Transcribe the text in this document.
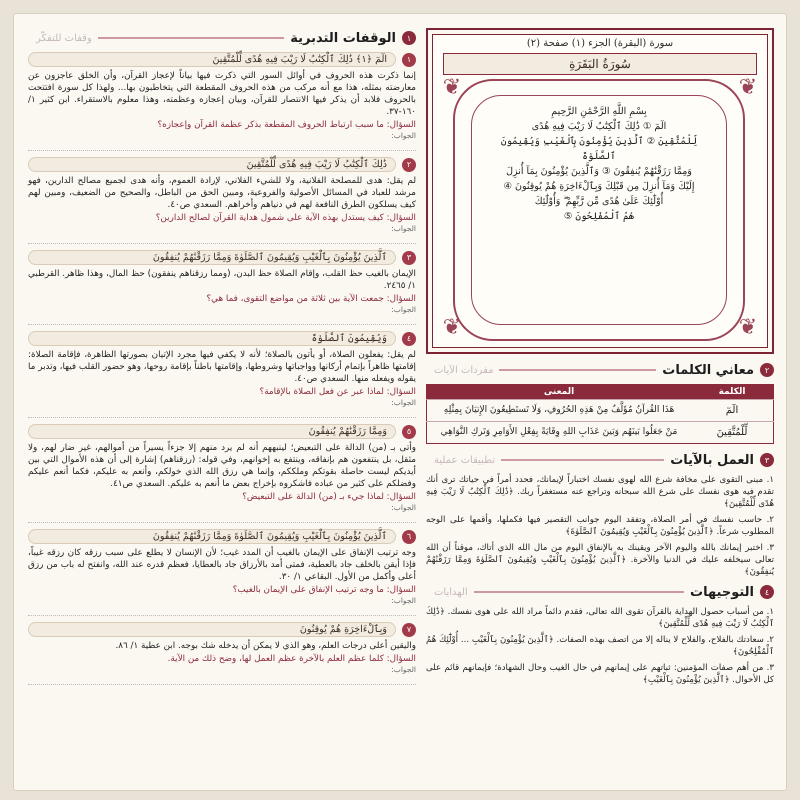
سورة (البقرة) الجزء (١) صفحة (٢)
سُورَةُ البَقَرَةِ
بِسْمِ اللَّهِ الرَّحْمَٰنِ الرَّحِيمِ
الٓمٓ ① ذَٰلِكَ ٱلْكِتَٰبُ لَا رَيْبَ فِيهِ هُدًى
لِّلْمُتَّقِينَ ② ٱلَّذِينَ يُؤْمِنُونَ بِٱلْغَيْبِ وَيُقِيمُونَ ٱلصَّلَوٰةَ
وَمِمَّا رَزَقْنَٰهُمْ يُنفِقُونَ ③ وَٱلَّذِينَ يُؤْمِنُونَ بِمَآ أُنزِلَ
إِلَيْكَ وَمَآ أُنزِلَ مِن قَبْلِكَ وَبِٱلْءَاخِرَةِ هُمْ يُوقِنُونَ ④
أُوْلَٰٓئِكَ عَلَىٰ هُدًى مِّن رَّبِّهِمْ ۖ وَأُوْلَٰٓئِكَ
هُمُ ٱلْمُفْلِحُونَ ⑤
❦	❦
❦	❦
٢
معاني الكلمات
مفردات الآيات
الكلمة	المعنى
الٓمٓ	هَذَا القُرآنُ مُؤَلَّفٌ مِنْ هَذِهِ الحُرُوفِ، وَلَا تَستَطِيعُونَ الإِتيَانَ بِمِثْلِهِ
لِّلْمُتَّقِينَ	مَنْ جَعَلُوا بَينَهُم وَبَينَ عَذَابِ اللهِ وِقَايَةً بِفِعْلِ الأَوَامِرِ وَتَركِ النَّوَاهِي
٣
العمل بالآيات
تطبيقات عملية
١. مبنى التقوى على مخافة شرع الله لهوى نفسك اختباراً لإيمانك، فحدد أمراً في حياتك ترى أنك تقدم فيه هوى نفسك على شرع الله سبحانه وتراجع عنه مستغفراً ربك. ﴿ذَٰلِكَ ٱلْكِتَٰبُ لَا رَيْبَ فِيهِ هُدًى لِّلْمُتَّقِينَ﴾
٢. حاسب نفسك في أمر الصلاة، وتفقد اليوم جوانب التقصير فيها فكملها، وأقمها على الوجه المطلوب شرعاً. ﴿ٱلَّذِينَ يُؤْمِنُونَ بِٱلْغَيْبِ وَيُقِيمُونَ ٱلصَّلَوٰةَ﴾
٣. اختبر إيمانك بالله واليوم الآخر ويقينك به بالإنفاق اليوم من مال الله الذي أتاك، موقناً أن الله تعالى سيخلفه عليك في الدنيا والآخرة. ﴿ٱلَّذِينَ يُؤْمِنُونَ بِٱلْغَيْبِ وَيُقِيمُونَ ٱلصَّلَوٰةَ وَمِمَّا رَزَقْنَٰهُمْ يُنفِقُونَ﴾
٤
التوجيهات
الهدايات
١. من أسباب حصول الهداية بالقرآن تقوى الله تعالى، فقدم دائماً مراد الله على هوى نفسك. ﴿ذَٰلِكَ ٱلْكِتَٰبُ لَا رَيْبَ فِيهِ هُدًى لِّلْمُتَّقِينَ﴾
٢. سعادتك بالفلاح، والفلاح لا يناله إلا من اتصف بهذه الصفات. ﴿ٱلَّذِينَ يُؤْمِنُونَ بِٱلْغَيْبِ ... أُوْلَٰٓئِكَ هُمُ ٱلْمُفْلِحُونَ﴾
٣. من أهم صفات المؤمنين: ثباتهم على إيمانهم في حال الغيب وحال الشهادة؛ فإيمانهم قائم على كل الأحوال. ﴿ٱلَّذِينَ يُؤْمِنُونَ بِٱلْغَيْبِ﴾
١
الوقفات التدبرية
وقفات للتفكّر
١
الٓمٓ ﴿١﴾ ذَٰلِكَ ٱلْكِتَٰبُ لَا رَيْبَ فِيهِ هُدًى لِّلْمُتَّقِينَ
إنما ذكرت هذه الحروف في أوائل السور التي ذكرت فيها بياناً لإعجاز القرآن، وأن الخلق عاجزون عن معارضته بمثله، هذا مع أنه مركب من هذه الحروف المقطعة التي يتخاطبون بها... ولهذا كل سورة افتتحت بالحروف فلابد أن يذكر فيها الانتصار للقرآن، وبيان إعجازه وعظمته، وهذا معلوم بالاستقراء. ابن كثير ١/ ١٦٠-٣٧.
السؤال: ما سبب ارتباط الحروف المقطعة بذكر عظمة القرآن وإعجازه؟
الجواب:
٢
ذَٰلِكَ ٱلْكِتَٰبُ لَا رَيْبَ فِيهِ هُدًى لِّلْمُتَّقِينَ
لم يقل: هدى للمصلحة الفلانية، ولا للشيء الفلاني، لإرادة العموم، وأنه هدى لجميع مصالح الدارين، فهو مرشد للعباد في المسائل الأصولية والفروعية، ومبين الحق من الباطل، والصحيح من الضعيف، ومبين لهم كيف يسلكون الطرق النافعة لهم في دنياهم وأخراهم. السعدي ص٤٠.
السؤال: كيف يستدل بهذه الآية على شمول هداية القرآن لصالح الدارين؟
الجواب:
٣
ٱلَّذِينَ يُؤْمِنُونَ بِٱلْغَيْبِ وَيُقِيمُونَ ٱلصَّلَوٰةَ وَمِمَّا رَزَقْنَٰهُمْ يُنفِقُونَ
الإيمان بالغيب حظ القلب، وإقام الصلاة حظ البدن، (ومما رزقناهم ينفقون) حظ المال، وهذا ظاهر. القرطبي ١/ ٢٤٦٥.
السؤال: جمعت الآية بين ثلاثة من مواضع التقوى، فما هي؟
الجواب:
٤
وَيُقِيمُونَ ٱلصَّلَوٰةَ
لم يقل: يفعلون الصلاة، أو يأتون بالصلاة؛ لأنه لا يكفي فيها مجرد الإتيان بصورتها الظاهرة، فإقامة الصلاة: إقامتها ظاهراً بإتمام أركانها وواجباتها وشروطها، وإقامتها باطناً بإقامة روحها، وهو حضور القلب فيها، وتدبر ما يقوله ويفعله منها. السعدي ص٤٠.
السؤال: لماذا عبر عن فعل الصلاة بالإقامة؟
الجواب:
٥
وَمِمَّا رَزَقْنَٰهُمْ يُنفِقُونَ
وأتى بـ (من) الدالة على التبعيض؛ لينبههم أنه لم يرد منهم إلا جزءاً يسيراً من أموالهم، غير ضار لهم، ولا مثقل، بل ينتفعون هم بإنفاقه، وينتفع به إخوانهم، وفي قوله: (رزقناهم) إشارة إلى أن هذه الأموال التي بين أيديكم ليست حاصلة بقوتكم وملككم، وإنما هي رزق الله الذي خولكم، وأنعم به عليكم، فكما أنعم عليكم وفضلكم على كثير من عباده فاشكروه بإخراج بعض ما أنعم به عليكم. السعدي ص٤١.
السؤال: لماذا جيء بـ (من) الدالة على التبعيض؟
الجواب:
٦
ٱلَّذِينَ يُؤْمِنُونَ بِٱلْغَيْبِ وَيُقِيمُونَ ٱلصَّلَوٰةَ وَمِمَّا رَزَقْنَٰهُمْ يُنفِقُونَ
وجه ترتيب الإنفاق على الإيمان بالغيب أن المدد غيب؛ لأن الإنسان لا يطلع على سبب رزقه كان رزقه غيباً، فإذا أيقن بالخلف جاد بالعطية، فمتى أمد بالأرزاق جاد بالعطايا، فعظم قدره عند الله، وانفتح له باب من رزق أعلى وأكمل من الأول. البقاعي ١/ ٣٠.
السؤال: ما وجه ترتيب الإنفاق على الإيمان بالغيب؟
الجواب:
٧
وَبِٱلْءَاخِرَةِ هُمْ يُوقِنُونَ
واليقين أعلى درجات العلم، وهو الذي لا يمكن أن يدخله شك بوجه. ابن عطية ١/ ٨٦.
السؤال: كلما عظم العلم بالآخرة عظم العمل لها، وضح ذلك من الآية.
الجواب:
